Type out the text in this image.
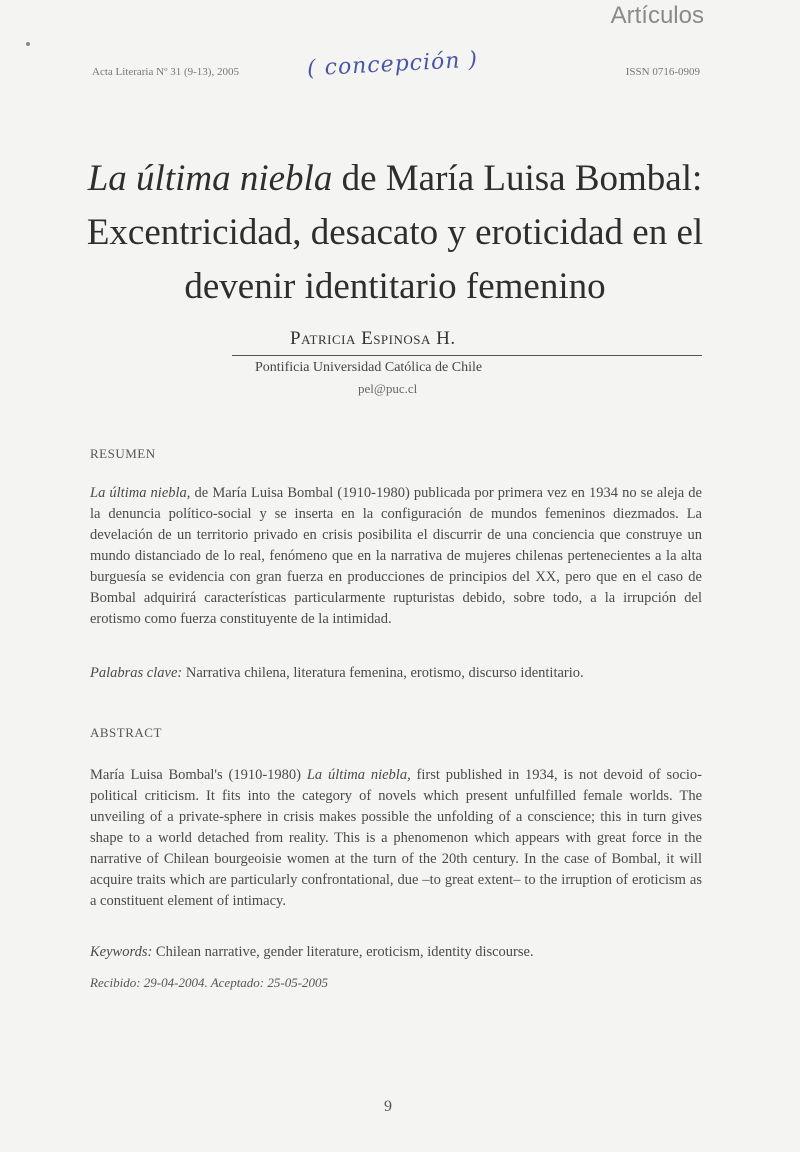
Artículos
Acta Literaria Nº 31 (9-13), 2005	( concepción )	ISSN 0716-0909
La última niebla de María Luisa Bombal:
Excentricidad, desacato y eroticidad en el
devenir identitario femenino
Patricia Espinosa H.
Pontificia Universidad Católica de Chile
pel@puc.cl
RESUMEN

La última niebla, de María Luisa Bombal (1910-1980) publicada por primera vez en 1934 no se aleja de la denuncia político-social y se inserta en la configuración de mundos femeninos diezmados. La develación de un territorio privado en crisis posibilita el discurrir de una conciencia que construye un mundo distanciado de lo real, fenómeno que en la narrativa de mujeres chilenas pertenecientes a la alta burguesía se evidencia con gran fuerza en producciones de principios del XX, pero que en el caso de Bombal adquirirá características particularmente rupturistas debido, sobre todo, a la irrupción del erotismo como fuerza constituyente de la intimidad.

Palabras clave: Narrativa chilena, literatura femenina, erotismo, discurso identitario.

ABSTRACT

María Luisa Bombal's (1910-1980) La última niebla, first published in 1934, is not devoid of socio-political criticism. It fits into the category of novels which present unfulfilled female worlds. The unveiling of a private-sphere in crisis makes possible the unfolding of a conscience; this in turn gives shape to a world detached from reality. This is a phenomenon which appears with great force in the narrative of Chilean bourgeoisie women at the turn of the 20th century. In the case of Bombal, it will acquire traits which are particularly confrontational, due –to great extent– to the irruption of eroticism as a constituent element of intimacy.

Keywords: Chilean narrative, gender literature, eroticism, identity discourse.

Recibido: 29-04-2004. Aceptado: 25-05-2005
9
